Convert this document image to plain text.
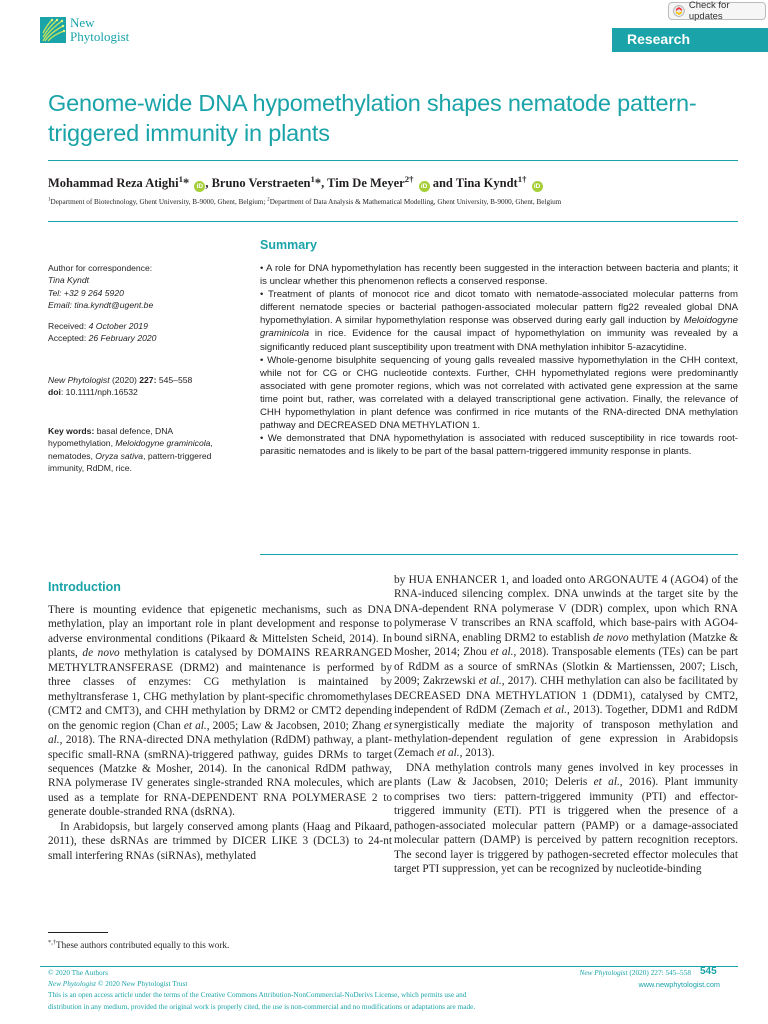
Check for updates
New
Phytologist	Research
Genome-wide DNA hypomethylation shapes nematode pattern-triggered immunity in plants
Mohammad Reza Atighi$^1$* iD , Bruno Verstraeten$^1$*, Tim De Meyer$^{2\dagger}$ iD and Tina Kyndt$^{1\dagger}$ iD
$^1$Department of Biotechnology, Ghent University, B-9000, Ghent, Belgium; $^2$Department of Data Analysis & Mathematical Modelling, Ghent University, B-9000, Ghent, Belgium
Author for correspondence:
Tina Kyndt
Tel: +32 9 264 5920
Email: tina.kyndt@ugent.be
Received: 4 October 2019
Accepted: 26 February 2020
New Phytologist (2020) 227: 545–558
doi: 10.1111/nph.16532
Key words: basal defence, DNA hypomethylation, Meloidogyne graminicola, nematodes, Oryza sativa, pattern-triggered immunity, RdDM, rice.
Summary

• A role for DNA hypomethylation has recently been suggested in the interaction between bacteria and plants; it is unclear whether this phenomenon reflects a conserved response.

• Treatment of plants of monocot rice and dicot tomato with nematode-associated molecular patterns from different nematode species or bacterial pathogen-associated molecular pattern flg22 revealed global DNA hypomethylation. A similar hypomethylation response was observed during early gall induction by Meloidogyne graminicola in rice. Evidence for the causal impact of hypomethylation on immunity was revealed by a significantly reduced plant susceptibility upon treatment with DNA methylation inhibitor 5-azacytidine.

• Whole-genome bisulphite sequencing of young galls revealed massive hypomethylation in the CHH context, while not for CG or CHG nucleotide contexts. Further, CHH hypomethylated regions were predominantly associated with gene promoter regions, which was not correlated with activated gene expression at the same time point but, rather, was correlated with a delayed transcriptional gene activation. Finally, the relevance of CHH hypomethylation in plant defence was confirmed in rice mutants of the RNA-directed DNA methylation pathway and DECREASED DNA METHYLATION 1.

• We demonstrated that DNA hypomethylation is associated with reduced susceptibility in rice towards root-parasitic nematodes and is likely to be part of the basal pattern-triggered immunity response in plants.

Introduction

There is mounting evidence that epigenetic mechanisms, such as DNA methylation, play an important role in plant development and response to adverse environmental conditions (Pikaard & Mittelsten Scheid, 2014). In plants, de novo methylation is catalysed by DOMAINS REARRANGED METHYLTRANSFERASE (DRM2) and maintenance is performed by three classes of enzymes: CG methylation is maintained by methyltransferase 1, CHG methylation by plant-specific chromomethylases (CMT2 and CMT3), and CHH methylation by DRM2 or CMT2 depending on the genomic region (Chan et al., 2005; Law & Jacobsen, 2010; Zhang et al., 2018). The RNA-directed DNA methylation (RdDM) pathway, a plant-specific small-RNA (smRNA)-triggered pathway, guides DRMs to target sequences (Matzke & Mosher, 2014). In the canonical RdDM pathway, RNA polymerase IV generates single-stranded RNA molecules, which are used as a template for RNA-DEPENDENT RNA POLYMERASE 2 to generate double-stranded RNA (dsRNA).

In Arabidopsis, but largely conserved among plants (Haag and Pikaard, 2011), these dsRNAs are trimmed by DICER LIKE 3 (DCL3) to 24-nt small interfering RNAs (siRNAs), methylated

by HUA ENHANCER 1, and loaded onto ARGONAUTE 4 (AGO4) of the RNA-induced silencing complex. DNA unwinds at the target site by the DNA-dependent RNA polymerase V (DDR) complex, upon which RNA polymerase V transcribes an RNA scaffold, which base-pairs with AGO4-bound siRNA, enabling DRM2 to establish de novo methylation (Matzke & Mosher, 2014; Zhou et al., 2018). Transposable elements (TEs) can be part of RdDM as a source of smRNAs (Slotkin & Martienssen, 2007; Lisch, 2009; Zakrzewski et al., 2017). CHH methylation can also be facilitated by DECREASED DNA METHYLATION 1 (DDM1), catalysed by CMT2, independent of RdDM (Zemach et al., 2013). Together, DDM1 and RdDM synergistically mediate the majority of transposon methylation and methylation-dependent regulation of gene expression in Arabidopsis (Zemach et al., 2013).

DNA methylation controls many genes involved in key processes in plants (Law & Jacobsen, 2010; Deleris et al., 2016). Plant immunity comprises two tiers: pattern-triggered immunity (PTI) and effector-triggered immunity (ETI). PTI is triggered when the presence of a pathogen-associated molecular pattern (PAMP) or a damage-associated molecular pattern (DAMP) is perceived by pattern recognition receptors. The second layer is triggered by pathogen-secreted effector molecules that target PTI suppression, yet can be recognized by nucleotide-binding

*,†These authors contributed equally to this work.
© 2020 The Authors
New Phytologist © 2020 New Phytologist Trust
This is an open access article under the terms of the Creative Commons Attribution-NonCommercial-NoDerivs License, which permits use and
distribution in any medium, provided the original work is properly cited, the use is non-commercial and no modifications or adaptations are made.
New Phytologist (2020) 227: 545–558 545
www.newphytologist.com
